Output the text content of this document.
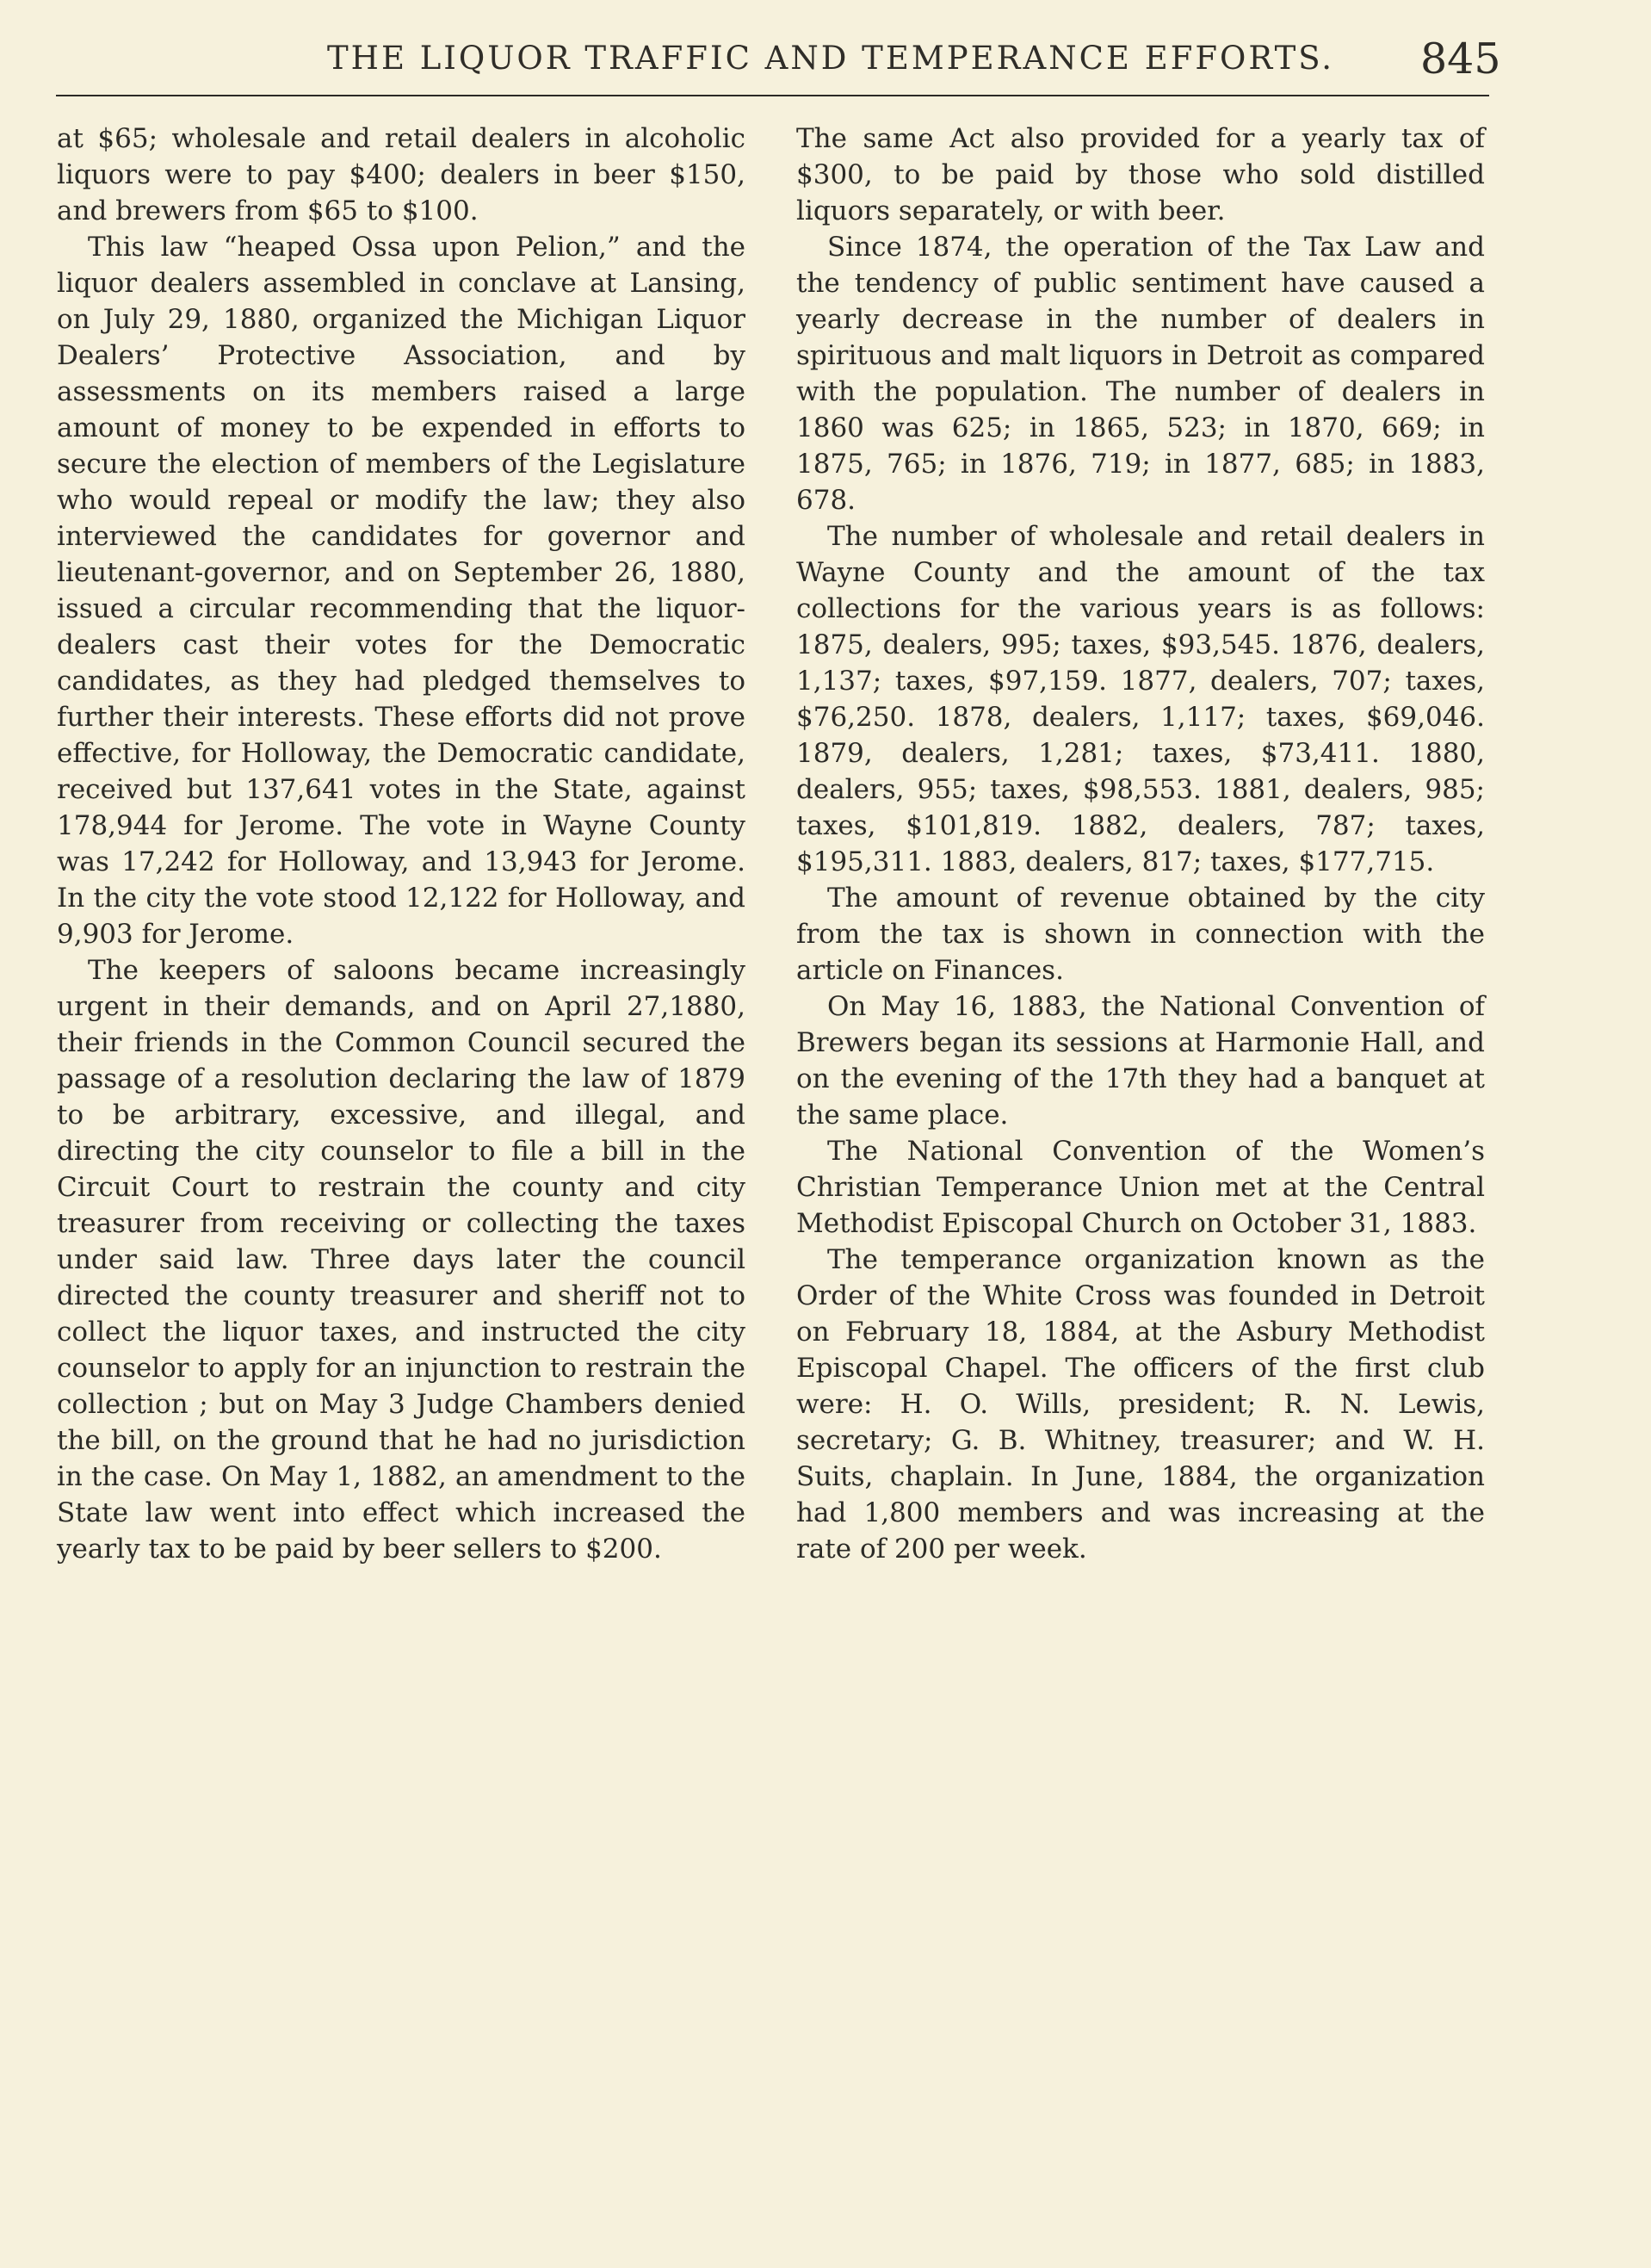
THE LIQUOR TRAFFIC AND TEMPERANCE EFFORTS. 845

at $65; wholesale and retail dealers in alcoholic liquors were to pay $400; dealers in beer $150, and brewers from $65 to $100.

This law “heaped Ossa upon Pelion,” and the liquor dealers assembled in conclave at Lansing, on July 29, 1880, organized the Michigan Liquor Dealers’ Protective Association, and by assessments on its members raised a large amount of money to be expended in efforts to secure the election of members of the Legislature who would repeal or modify the law; they also interviewed the candidates for governor and lieutenant-governor, and on September 26, 1880, issued a circular recommending that the liquor-dealers cast their votes for the Democratic candidates, as they had pledged themselves to further their interests. These efforts did not prove effective, for Holloway, the Democratic candidate, received but 137,641 votes in the State, against 178,944 for Jerome. The vote in Wayne County was 17,242 for Holloway, and 13,943 for Jerome. In the city the vote stood 12,122 for Holloway, and 9,903 for Jerome.

The keepers of saloons became increasingly urgent in their demands, and on April 27,1880, their friends in the Common Council secured the passage of a resolution declaring the law of 1879 to be arbitrary, excessive, and illegal, and directing the city counselor to file a bill in the Circuit Court to restrain the county and city treasurer from receiving or collecting the taxes under said law. Three days later the council directed the county treasurer and sheriff not to collect the liquor taxes, and instructed the city counselor to apply for an injunction to restrain the collection ; but on May 3 Judge Chambers denied the bill, on the ground that he had no jurisdiction in the case. On May 1, 1882, an amendment to the State law went into effect which increased the yearly tax to be paid by beer sellers to $200.

The same Act also provided for a yearly tax of $300, to be paid by those who sold distilled liquors separately, or with beer.

Since 1874, the operation of the Tax Law and the tendency of public sentiment have caused a yearly decrease in the number of dealers in spirituous and malt liquors in Detroit as compared with the population. The number of dealers in 1860 was 625; in 1865, 523; in 1870, 669; in 1875, 765; in 1876, 719; in 1877, 685; in 1883, 678.

The number of wholesale and retail dealers in Wayne County and the amount of the tax collections for the various years is as follows: 1875, dealers, 995; taxes, $93,545. 1876, dealers, 1,137; taxes, $97,159. 1877, dealers, 707; taxes, $76,250. 1878, dealers, 1,117; taxes, $69,046. 1879, dealers, 1,281; taxes, $73,411. 1880, dealers, 955; taxes, $98,553. 1881, dealers, 985; taxes, $101,819. 1882, dealers, 787; taxes, $195,311. 1883, dealers, 817; taxes, $177,715.

The amount of revenue obtained by the city from the tax is shown in connection with the article on Finances.

On May 16, 1883, the National Convention of Brewers began its sessions at Harmonie Hall, and on the evening of the 17th they had a banquet at the same place.

The National Convention of the Women’s Christian Temperance Union met at the Central Methodist Episcopal Church on October 31, 1883.

The temperance organization known as the Order of the White Cross was founded in Detroit on February 18, 1884, at the Asbury Methodist Episcopal Chapel. The officers of the first club were: H. O. Wills, president; R. N. Lewis, secretary; G. B. Whitney, treasurer; and W. H. Suits, chaplain. In June, 1884, the organization had 1,800 members and was increasing at the rate of 200 per week.
